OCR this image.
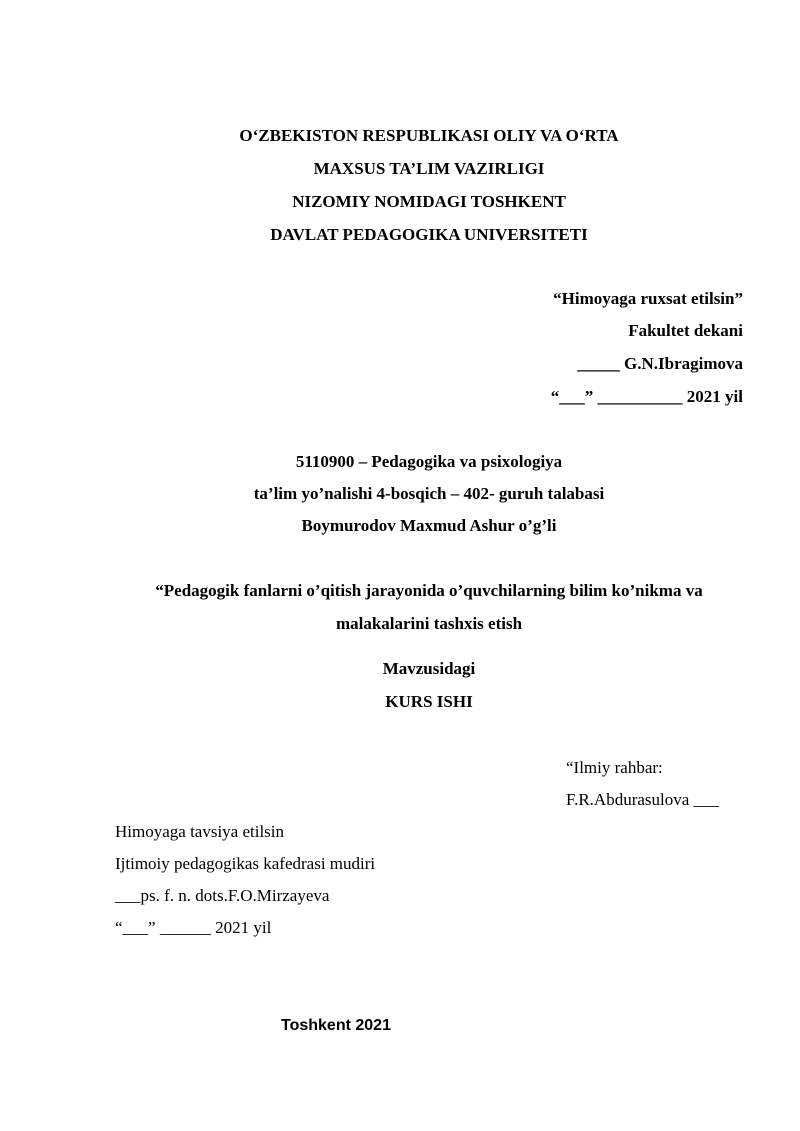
O‘ZBEKISTON RESPUBLIKASI OLIY VA O‘RTA
MAXSUS TA’LIM VAZIRLIGI
NIZOMIY NOMIDAGI TOSHKENT
DAVLAT PEDAGOGIKA UNIVERSITETI
“Himoyaga ruxsat etilsin”
Fakultet dekani
_____ G.N.Ibragimova
“___” __________ 2021 yil
5110900 – Pedagogika va psixologiya
ta’lim yo’nalishi 4-bosqich – 402- guruh talabasi
Boymurodov Maxmud Ashur o’g’li
“Pedagogik fanlarni o’qitish jarayonida o’quvchilarning bilim ko’nikma va
malakalarini tashxis etish
Mavzusidagi
KURS ISHI
“Ilmiy rahbar:
F.R.Abdurasulova ___
Himoyaga tavsiya etilsin
Ijtimoiy pedagogikas kafedrasi mudiri
___ps. f. n. dots.F.O.Mirzayeva
“___” ______ 2021 yil
Toshkent 2021
